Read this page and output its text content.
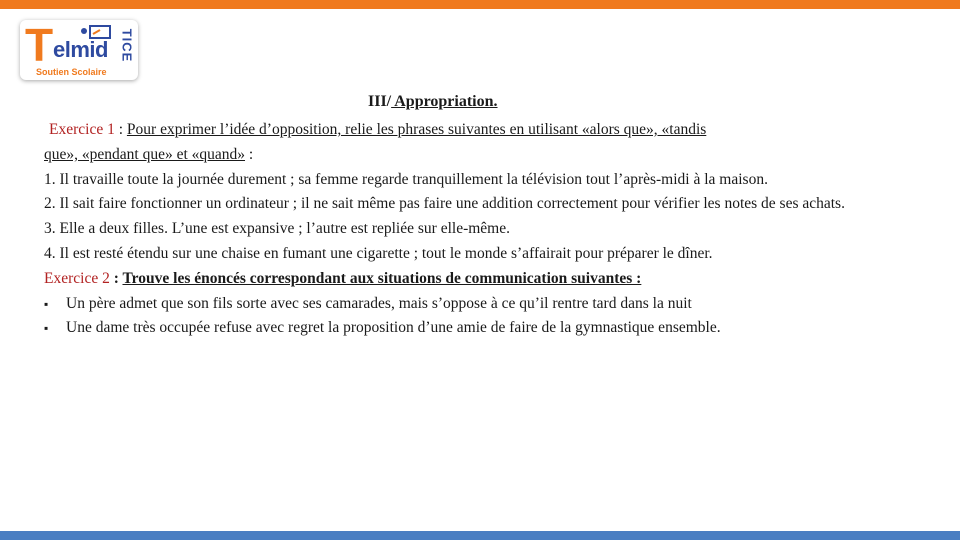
T elmid TICE
Soutien Scolaire
III/ Appropriation.

Exercice 1 : Pour exprimer l’idée d’opposition, relie les phrases suivantes en utilisant «alors que», «tandis
que», «pendant que» et «quand» :

1. Il travaille toute la journée durement ; sa femme regarde tranquillement la télévision tout l’après-midi à la maison.

2. Il sait faire fonctionner un ordinateur ; il ne sait même pas faire une addition correctement pour vérifier les notes de ses achats.

3. Elle a deux filles. L’une est expansive ; l’autre est repliée sur elle-même.

4. Il est resté étendu sur une chaise en fumant une cigarette ; tout le monde s’affairait pour préparer le dîner.

Exercice 2 : Trouve les énoncés correspondant aux situations de communication suivantes :

▪ Un père admet que son fils sorte avec ses camarades, mais s’oppose à ce qu’il rentre tard dans la nuit

▪ Une dame très occupée refuse avec regret la proposition d’une amie de faire de la gymnastique ensemble.
